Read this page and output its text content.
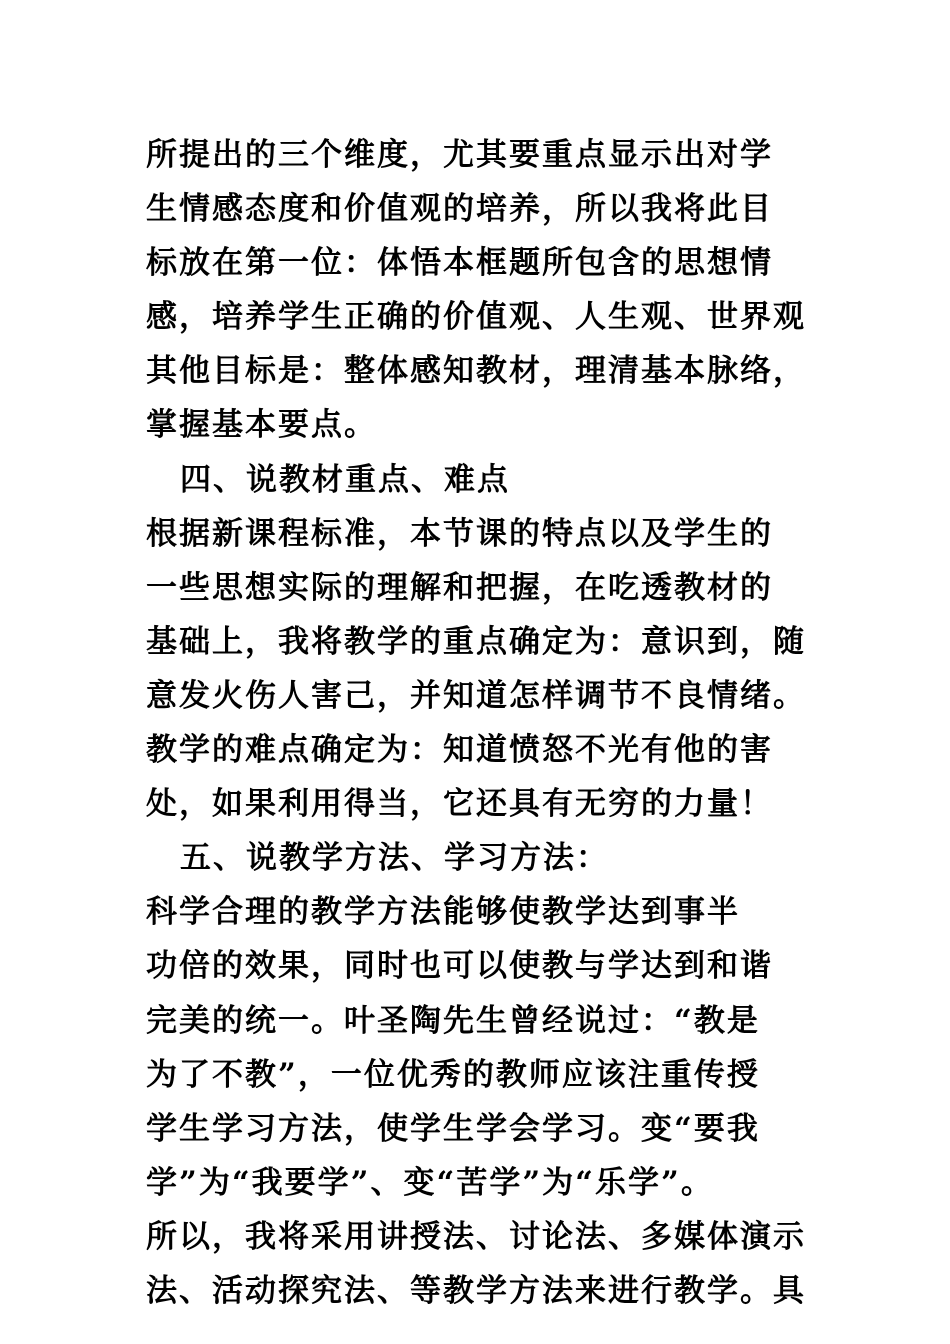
所提出的三个维度，尤其要重点显示出对学
生情感态度和价值观的培养，所以我将此目
标放在第一位：体悟本框题所包含的思想情
感，培养学生正确的价值观、人生观、世界观
其他目标是：整体感知教材，理清基本脉络，
掌握基本要点。
四、说教材重点、难点
根据新课程标准，本节课的特点以及学生的
一些思想实际的理解和把握，在吃透教材的
基础上，我将教学的重点确定为：意识到，随
意发火伤人害己，并知道怎样调节不良情绪。
教学的难点确定为：知道愤怒不光有他的害
处，如果利用得当，它还具有无穷的力量！
五、说教学方法、学习方法：
科学合理的教学方法能够使教学达到事半
功倍的效果，同时也可以使教与学达到和谐
完美的统一。叶圣陶先生曾经说过：“教是
为了不教”，一位优秀的教师应该注重传授
学生学习方法，使学生学会学习。变“要我
学”为“我要学”、变“苦学”为“乐学”。
所以，我将采用讲授法、讨论法、多媒体演示
法、活动探究法、等教学方法来进行教学。具
